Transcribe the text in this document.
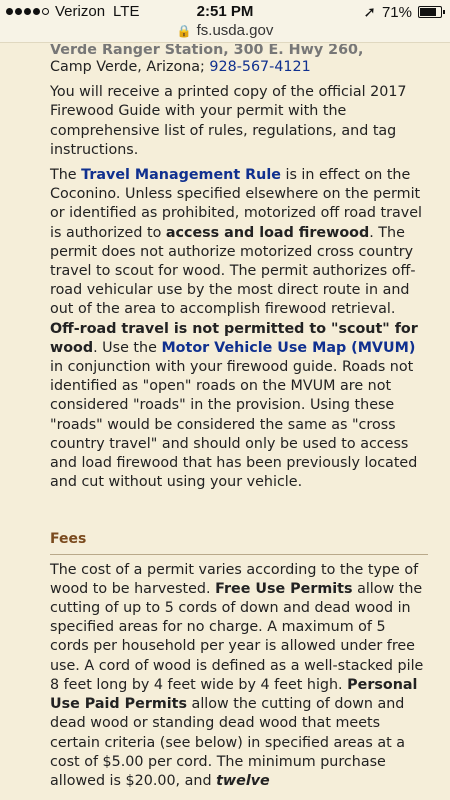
Verizon LTE	2:51 PM	➚ 71%
🔒 fs.usda.gov
Verde Ranger Station, 300 E. Hwy 260,

Camp Verde, Arizona; 928-567-4121

You will receive a printed copy of the official 2017 Firewood Guide with your permit with the comprehensive list of rules, regulations, and tag instructions.

The Travel Management Rule is in effect on the Coconino. Unless specified elsewhere on the permit or identified as prohibited, motorized off road travel is authorized to access and load firewood. The permit does not authorize motorized cross country travel to scout for wood. The permit authorizes off-road vehicular use by the most direct route in and out of the area to accomplish firewood retrieval. Off-road travel is not permitted to "scout" for wood. Use the Motor Vehicle Use Map (MVUM) in conjunction with your firewood guide. Roads not identified as "open" roads on the MVUM are not considered "roads" in the provision. Using these "roads" would be considered the same as "cross country travel" and should only be used to access and load firewood that has been previously located and cut without using your vehicle.

Fees

The cost of a permit varies according to the type of wood to be harvested. Free Use Permits allow the cutting of up to 5 cords of down and dead wood in specified areas for no charge. A maximum of 5 cords per household per year is allowed under free use. A cord of wood is defined as a well-stacked pile 8 feet long by 4 feet wide by 4 feet high. Personal Use Paid Permits allow the cutting of down and dead wood or standing dead wood that meets certain criteria (see below) in specified areas at a cost of $5.00 per cord. The minimum purchase allowed is $20.00, and twelve
